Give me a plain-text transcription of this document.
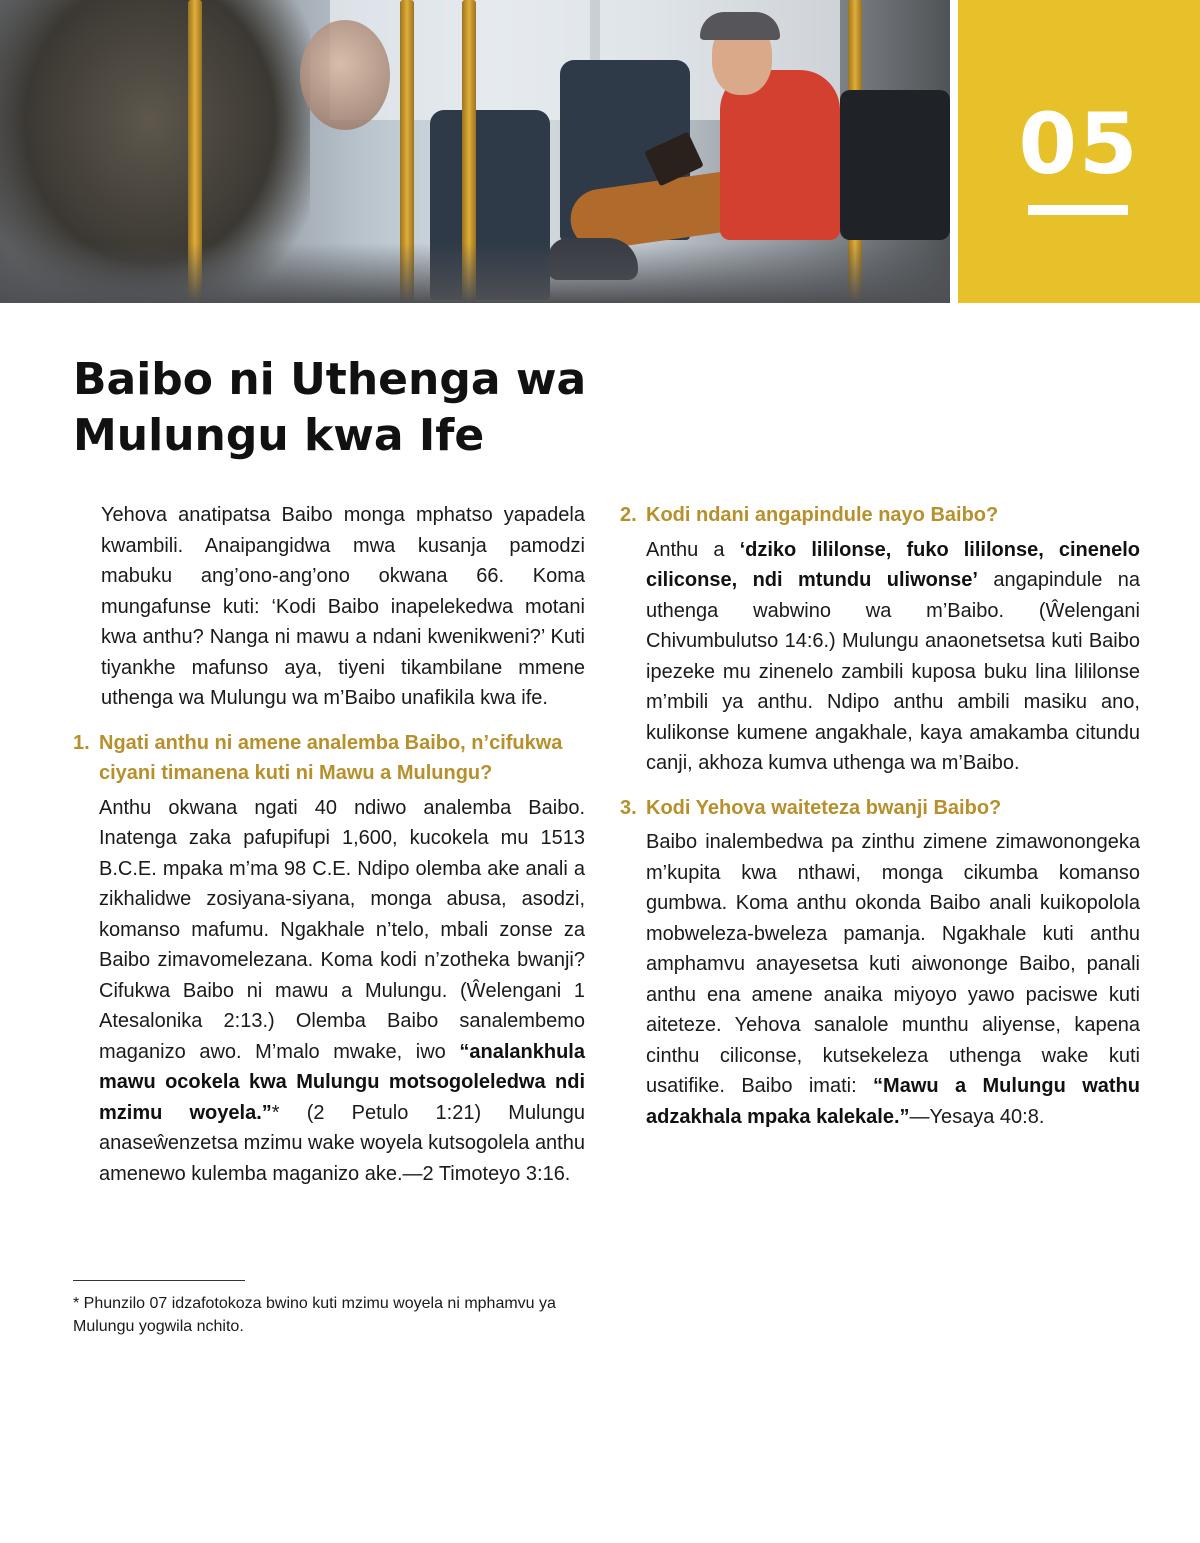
05
Baibo ni Uthenga wa Mulungu kwa Ife

Yehova anatipatsa Baibo monga mphatso yapadela kwambili. Anaipangidwa mwa kusanja pamodzi mabuku ang’ono-ang’ono okwana 66. Koma mungafunse kuti: ‘Kodi Baibo inapelekedwa motani kwa anthu? Nanga ni mawu a ndani kwenikweni?’ Kuti tiyankhe mafunso aya, tiyeni tikambilane mmene uthenga wa Mulungu wa m’Baibo unafikila kwa ife.

1. Ngati anthu ni amene analemba Baibo, n’cifukwa ciyani timanena kuti ni Mawu a Mulungu?

Anthu okwana ngati 40 ndiwo analemba Baibo. Inatenga zaka pafupifupi 1,600, kucokela mu 1513 B.C.E. mpaka m’ma 98 C.E. Ndipo olemba ake anali a zikhalidwe zosiyana-siyana, monga abusa, asodzi, komanso mafumu. Ngakhale n’telo, mbali zonse za Baibo zimavomelezana. Koma kodi n’zotheka bwanji? Cifukwa Baibo ni mawu a Mulungu. (Ŵelengani 1 Atesalonika 2:13.) Olemba Baibo sanalembemo maganizo awo. M’malo mwake, iwo “analankhula mawu ocokela kwa Mulungu motsogoleledwa ndi mzimu woyela.”* (2 Petulo 1:21) Mulungu anaseŵenzetsa mzimu wake woyela kutsogolela anthu amenewo kulemba maganizo ake.—2 Timoteyo 3:16.

* Phunzilo 07 idzafotokoza bwino kuti mzimu woyela ni mphamvu ya Mulungu yogwila nchito.
2. Kodi ndani angapindule nayo Baibo?

Anthu a ‘dziko lililonse, fuko lililonse, cinenelo ciliconse, ndi mtundu uliwonse’ angapindule na uthenga wabwino wa m’Baibo. (Ŵelengani Chivumbulutso 14:6.) Mulungu anaonetsetsa kuti Baibo ipezeke mu zinenelo zambili kuposa buku lina lililonse m’mbili ya anthu. Ndipo anthu ambili masiku ano, kulikonse kumene angakhale, kaya amakamba citundu canji, akhoza kumva uthenga wa m’Baibo.

3. Kodi Yehova waiteteza bwanji Baibo?

Baibo inalembedwa pa zinthu zimene zimawonongeka m’kupita kwa nthawi, monga cikumba komanso gumbwa. Koma anthu okonda Baibo anali kuikopolola mobweleza-bweleza pamanja. Ngakhale kuti anthu amphamvu anayesetsa kuti aiwononge Baibo, panali anthu ena amene anaika miyoyo yawo paciswe kuti aiteteze. Yehova sanalole munthu aliyense, kapena cinthu ciliconse, kutsekeleza uthenga wake kuti usatifike. Baibo imati: “Mawu a Mulungu wathu adzakhala mpaka kalekale.”—Yesaya 40:8.
